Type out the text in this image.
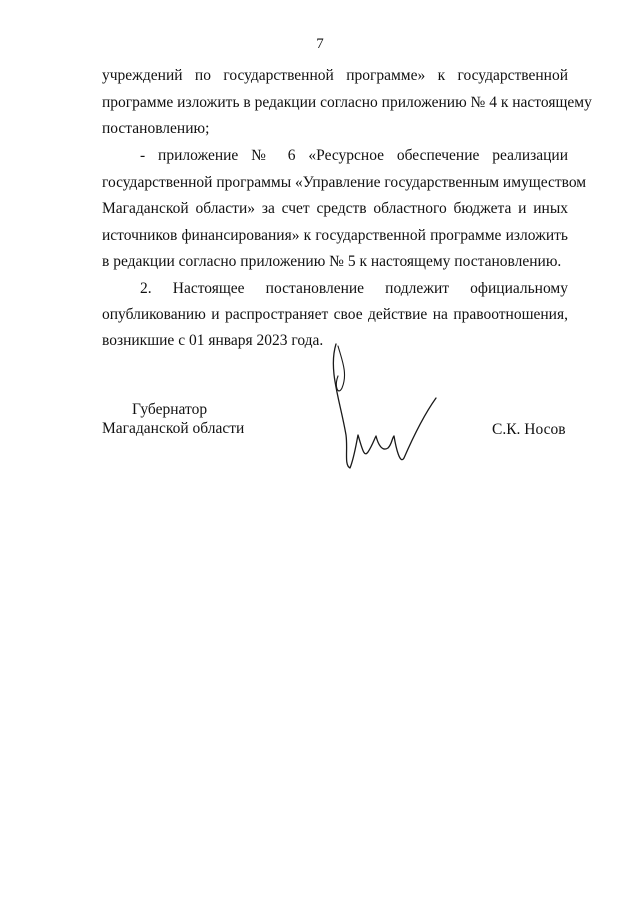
7
учреждений по государственной программе» к государственной
программе изложить в редакции согласно приложению № 4 к настоящему
постановлению;
- приложение № 6 «Ресурсное обеспечение реализации
государственной программы «Управление государственным имуществом
Магаданской области» за счет средств областного бюджета и иных
источников финансирования» к государственной программе изложить
в редакции согласно приложению № 5 к настоящему постановлению.
2. Настоящее постановление подлежит официальному
опубликованию и распространяет свое действие на правоотношения,
возникшие с 01 января 2023 года.
Губернатор
Магаданской области	С.К. Носов
